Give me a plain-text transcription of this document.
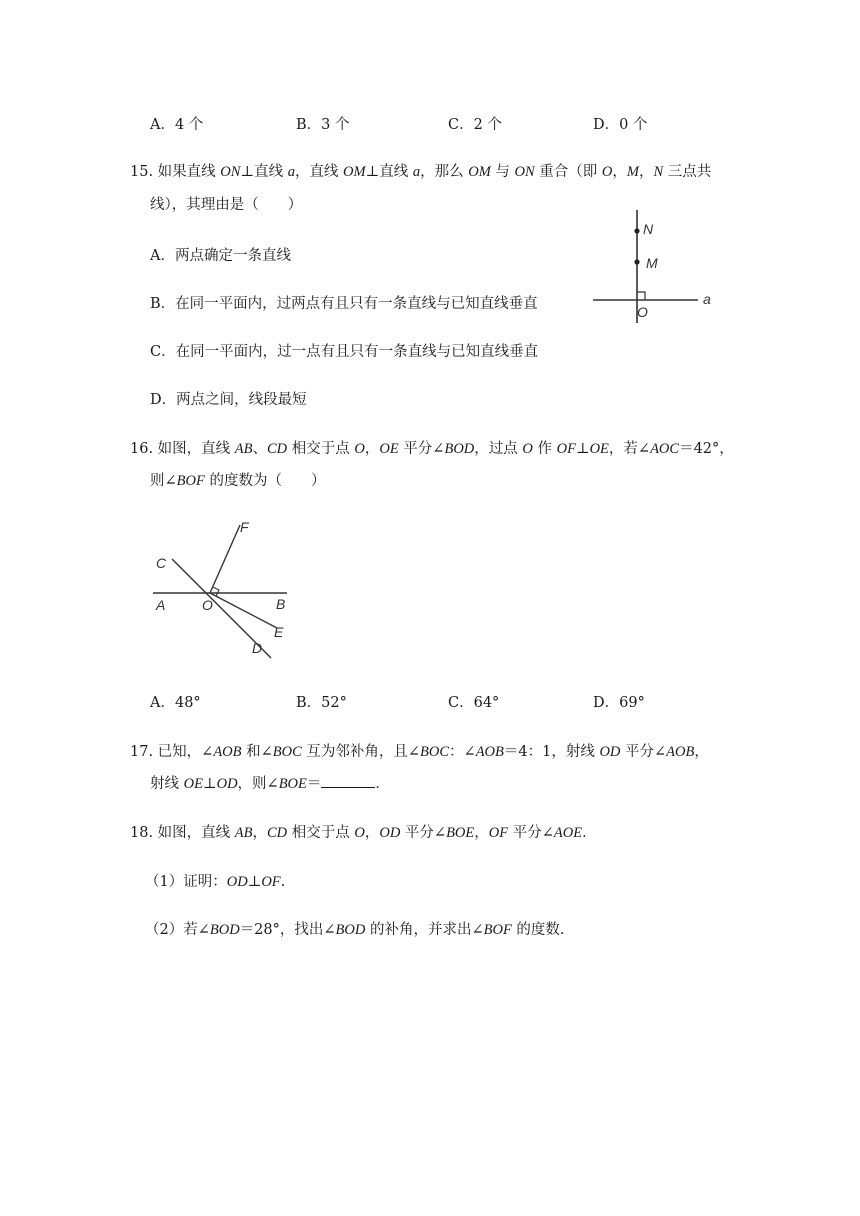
A．4 个	B．3 个	C．2 个	D．0 个
15. 如果直线 ON⊥直线 a，直线 OM⊥直线 a，那么 OM 与 ON 重合（即 O，M，N 三点共
线），其理由是（　　）
A．两点确定一条直线
B．在同一平面内，过两点有且只有一条直线与已知直线垂直
C．在同一平面内，过一点有且只有一条直线与已知直线垂直
D．两点之间，线段最短
N
M
O
a
16. 如图，直线 AB、CD 相交于点 O，OE 平分∠BOD，过点 O 作 OF⊥OE，若∠AOC＝42°，
则∠BOF 的度数为（　　）
C
F
A	O	B
E
D
A．48°	B．52°	C．64°	D．69°
17. 已知，∠AOB 和∠BOC 互为邻补角，且∠BOC：∠AOB＝4：1，射线 OD 平分∠AOB，
射线 OE⊥OD，则∠BOE＝	．
18. 如图，直线 AB，CD 相交于点 O，OD 平分∠BOE，OF 平分∠AOE．
（1）证明：OD⊥OF.
（2）若∠BOD＝28°，找出∠BOD 的补角，并求出∠BOF 的度数.
